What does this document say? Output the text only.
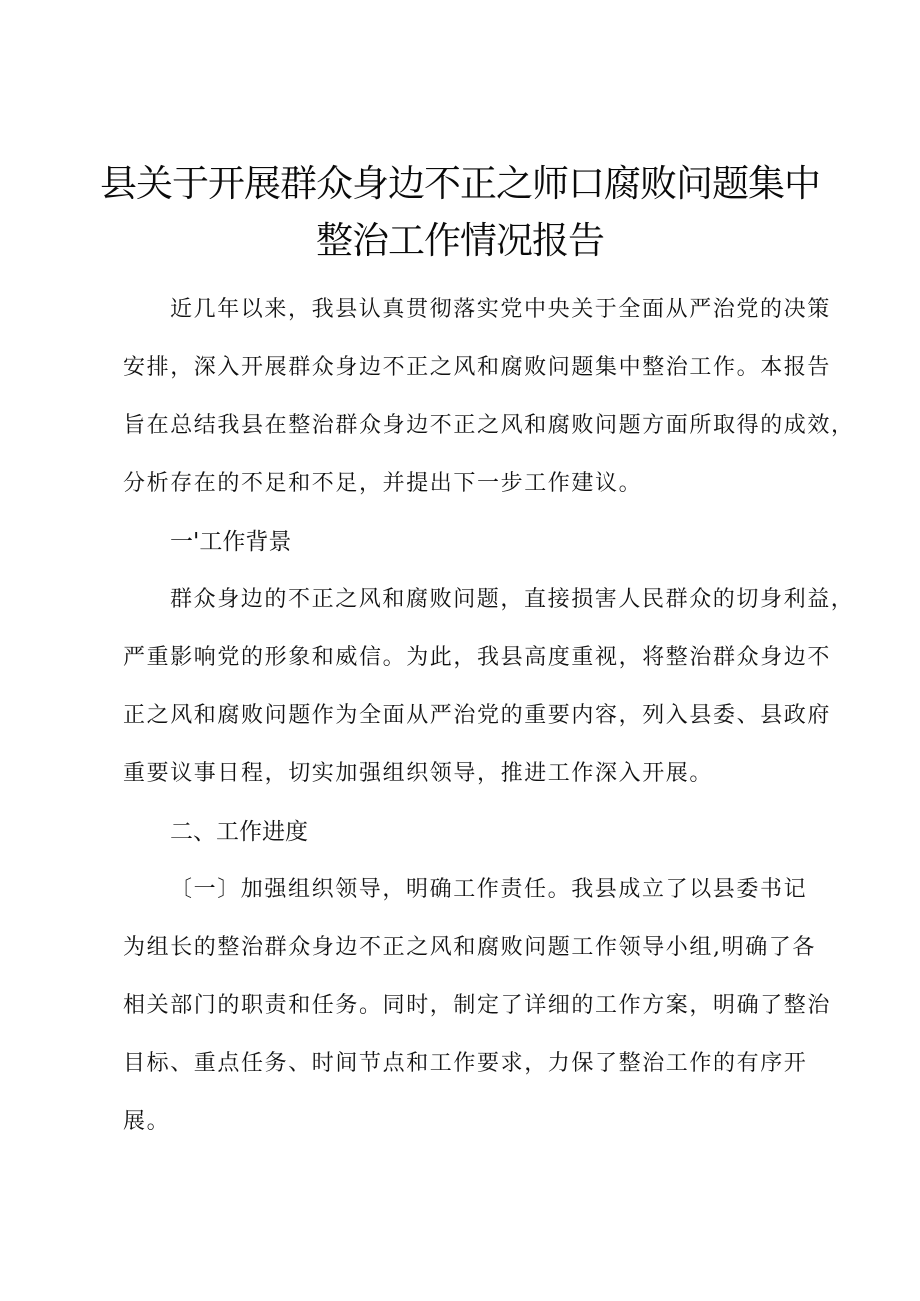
县关于开展群众身边不正之师口腐败问题集中
整治工作情况报告
近几年以来，我县认真贯彻落实党中央关于全面从严治党的决策
安排，深入开展群众身边不正之风和腐败问题集中整治工作。本报告
旨在总结我县在整治群众身边不正之风和腐败问题方面所取得的成效，
分析存在的不足和不足，并提出下一步工作建议。
一'工作背景
群众身边的不正之风和腐败问题，直接损害人民群众的切身利益，
严重影响党的形象和威信。为此，我县高度重视，将整治群众身边不
正之风和腐败问题作为全面从严治党的重要内容，列入县委、县政府
重要议事日程，切实加强组织领导，推进工作深入开展。
二、工作进度
〔一〕加强组织领导，明确工作责任。我县成立了以县委书记
为组长的整治群众身边不正之风和腐败问题工作领导小组,明确了各
相关部门的职责和任务。同时，制定了详细的工作方案，明确了整治
目标、重点任务、时间节点和工作要求，力保了整治工作的有序开
展。
